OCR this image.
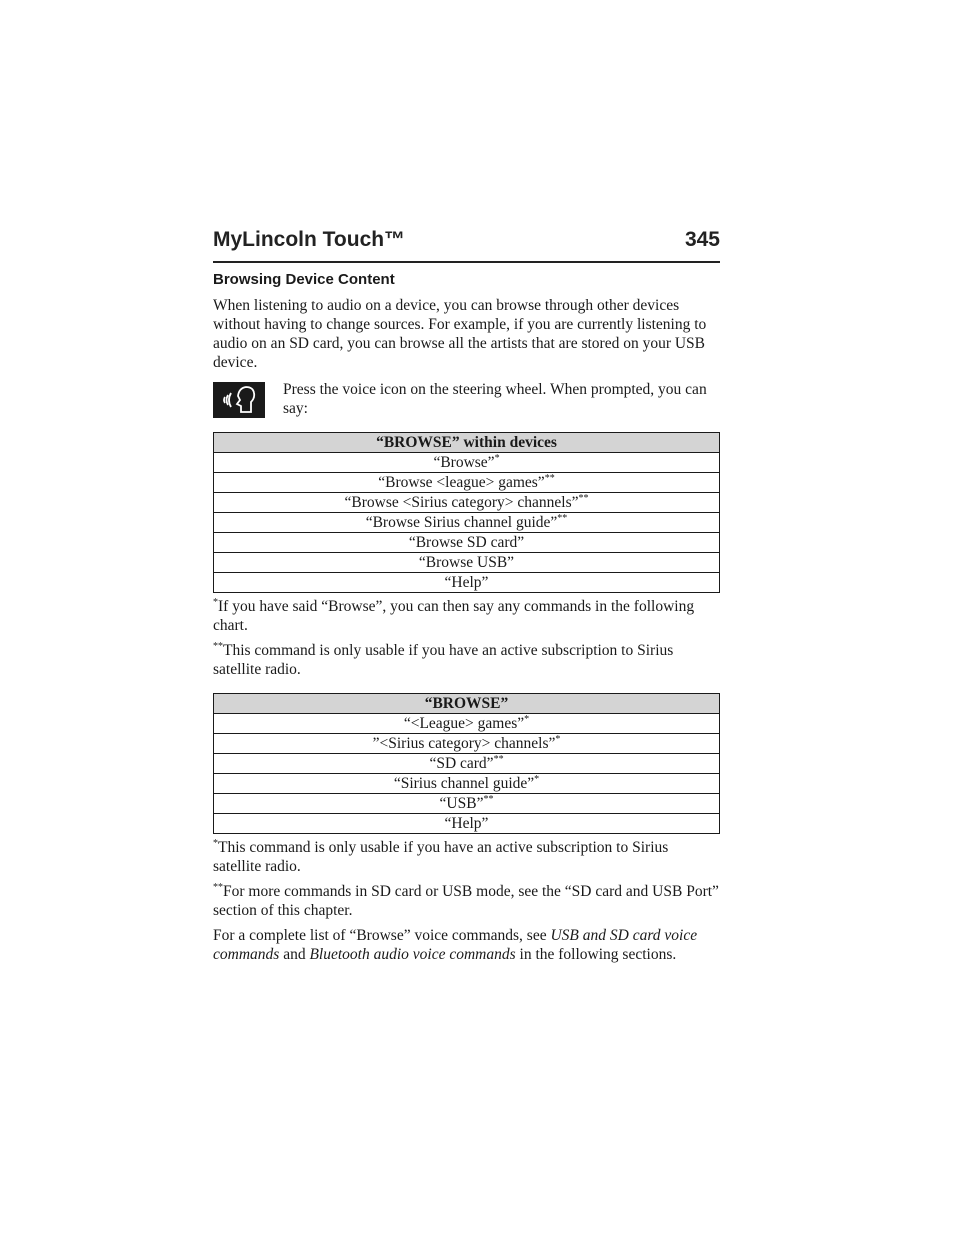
MyLincoln Touch™	345
Browsing Device Content

When listening to audio on a device, you can browse through other devices without having to change sources. For example, if you are currently listening to audio on an SD card, you can browse all the artists that are stored on your USB device.

Press the voice icon on the steering wheel. When prompted, you can say:

“BROWSE” within devices
“Browse”*
“Browse <league> games”**
“Browse <Sirius category> channels”**
“Browse Sirius channel guide”**
“Browse SD card”
“Browse USB”
“Help”

*If you have said “Browse”, you can then say any commands in the following chart.

**This command is only usable if you have an active subscription to Sirius satellite radio.

“BROWSE”
“<League> games”*
”<Sirius category> channels”*
“SD card”**
“Sirius channel guide”*
“USB”**
“Help”

*This command is only usable if you have an active subscription to Sirius satellite radio.

**For more commands in SD card or USB mode, see the “SD card and USB Port” section of this chapter.

For a complete list of “Browse” voice commands, see USB and SD card voice commands and Bluetooth audio voice commands in the following sections.
